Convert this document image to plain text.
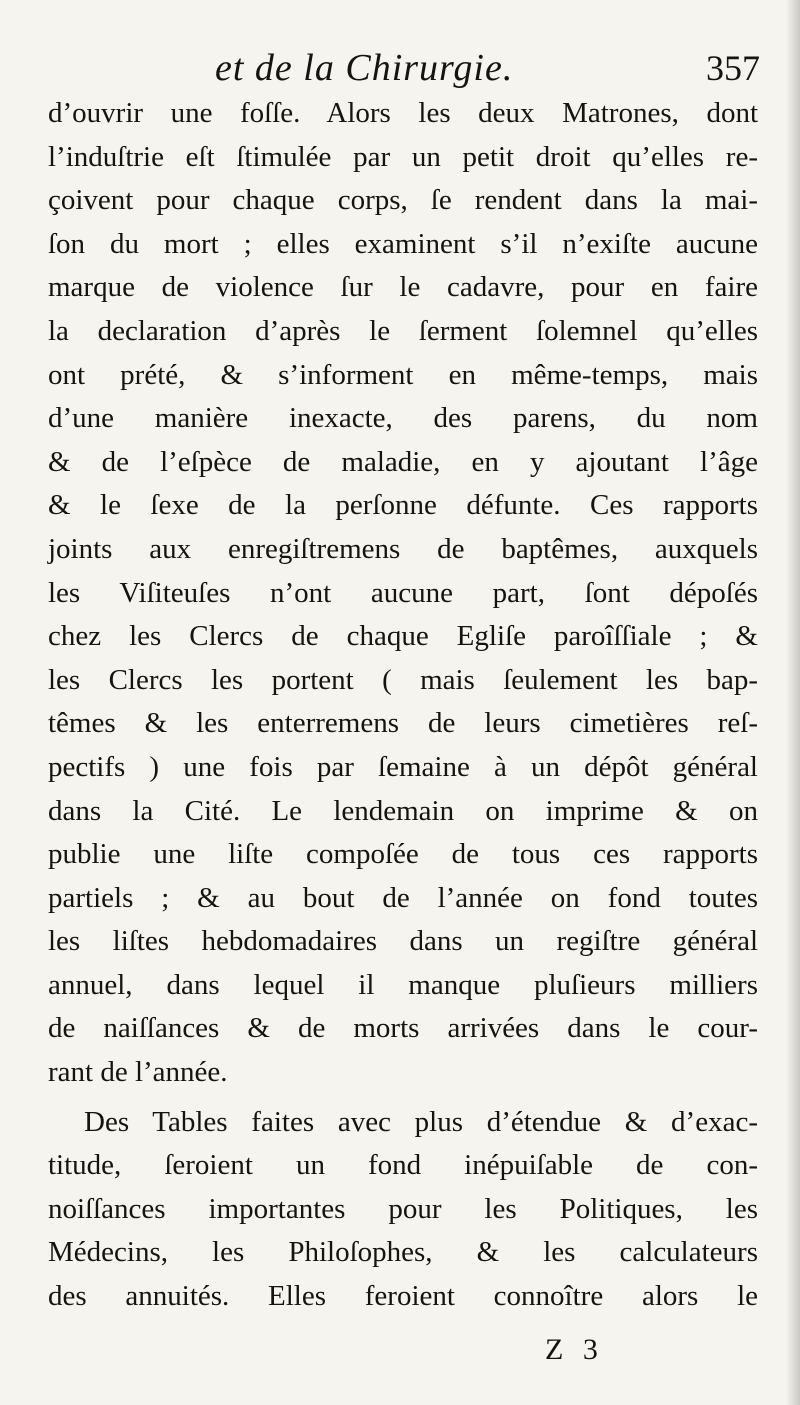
et de la Chirurgie.	357
d’ouvrir une foſſe. Alors les deux Matrones, dont
l’induſtrie eſt ſtimulée par un petit droit qu’elles re-
çoivent pour chaque corps, ſe rendent dans la mai-
ſon du mort ; elles examinent s’il n’exiſte aucune
marque de violence ſur le cadavre, pour en faire
la declaration d’après le ſerment ſolemnel qu’elles
ont prété, & s’informent en même-temps, mais
d’une manière inexacte, des parens, du nom
& de l’eſpèce de maladie, en y ajoutant l’âge
& le ſexe de la perſonne défunte. Ces rapports
joints aux enregiſtremens de baptêmes, auxquels
les Viſiteuſes n’ont aucune part, ſont dépoſés
chez les Clercs de chaque Egliſe paroîſſiale ; &
les Clercs les portent ( mais ſeulement les bap-
têmes & les enterremens de leurs cimetières reſ-
pectifs ) une fois par ſemaine à un dépôt général
dans la Cité. Le lendemain on imprime & on
publie une liſte compoſée de tous ces rapports
partiels ; & au bout de l’année on fond toutes
les liſtes hebdomadaires dans un regiſtre général
annuel, dans lequel il manque pluſieurs milliers
de naiſſances & de morts arrivées dans le cour-
rant de l’année.
Des Tables faites avec plus d’étendue & d’exac-
titude, ſeroient un fond inépuiſable de con-
noiſſances importantes pour les Politiques, les
Médecins, les Philoſophes, & les calculateurs
des annuités. Elles feroient connoître alors le
Z 3
